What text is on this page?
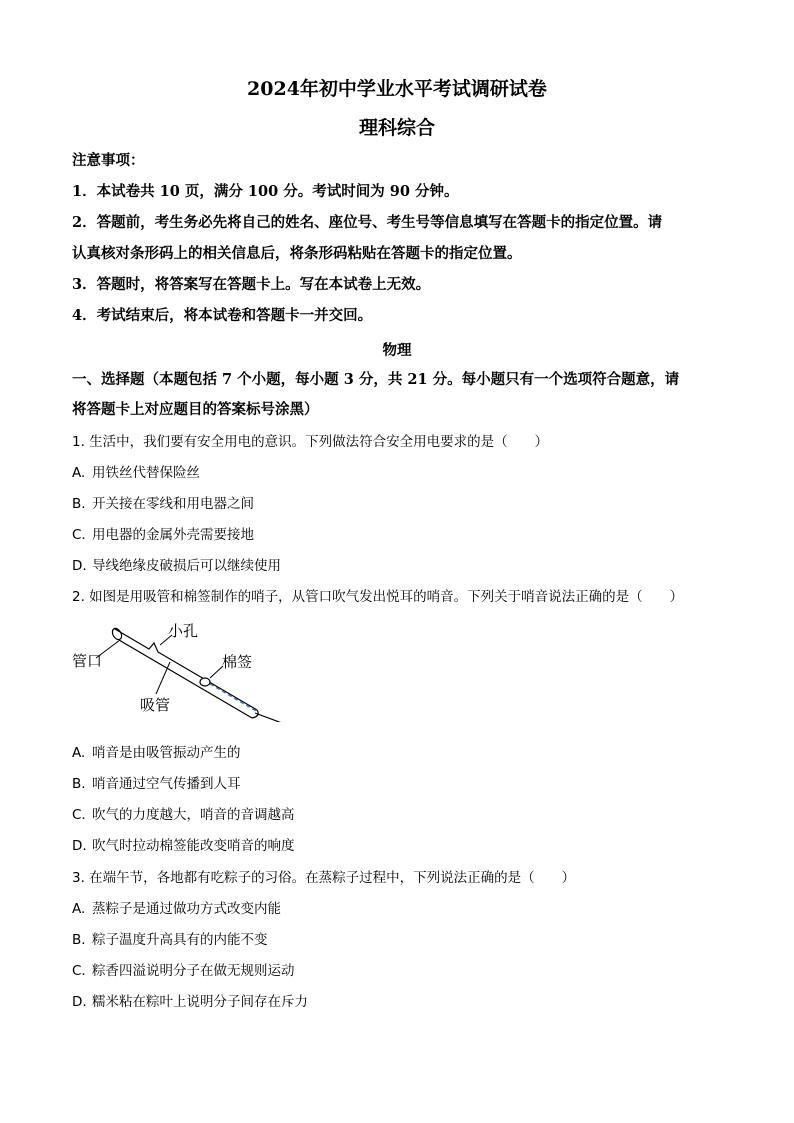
2024年初中学业水平考试调研试卷
理科综合
注意事项：
1．本试卷共 10 页，满分 100 分。考试时间为 90 分钟。
2．答题前，考生务必先将自己的姓名、座位号、考生号等信息填写在答题卡的指定位置。请
认真核对条形码上的相关信息后，将条形码粘贴在答题卡的指定位置。
3．答题时，将答案写在答题卡上。写在本试卷上无效。
4．考试结束后，将本试卷和答题卡一并交回。
物理
一、选择题（本题包括 7 个小题，每小题 3 分，共 21 分。每小题只有一个选项符合题意，请
将答题卡上对应题目的答案标号涂黑）
1. 生活中，我们要有安全用电的意识。下列做法符合安全用电要求的是（　　）
A. 用铁丝代替保险丝
B. 开关接在零线和用电器之间
C. 用电器的金属外壳需要接地
D. 导线绝缘皮破损后可以继续使用
2. 如图是用吸管和棉签制作的哨子，从管口吹气发出悦耳的哨音。下列关于哨音说法正确的是（　　）
小孔
管口	棉签
吸管
A. 哨音是由吸管振动产生的
B. 哨音通过空气传播到人耳
C. 吹气的力度越大，哨音的音调越高
D. 吹气时拉动棉签能改变哨音的响度
3. 在端午节，各地都有吃粽子的习俗。在蒸粽子过程中，下列说法正确的是（　　）
A. 蒸粽子是通过做功方式改变内能
B. 粽子温度升高具有的内能不变
C. 粽香四溢说明分子在做无规则运动
D. 糯米粘在粽叶上说明分子间存在斥力
